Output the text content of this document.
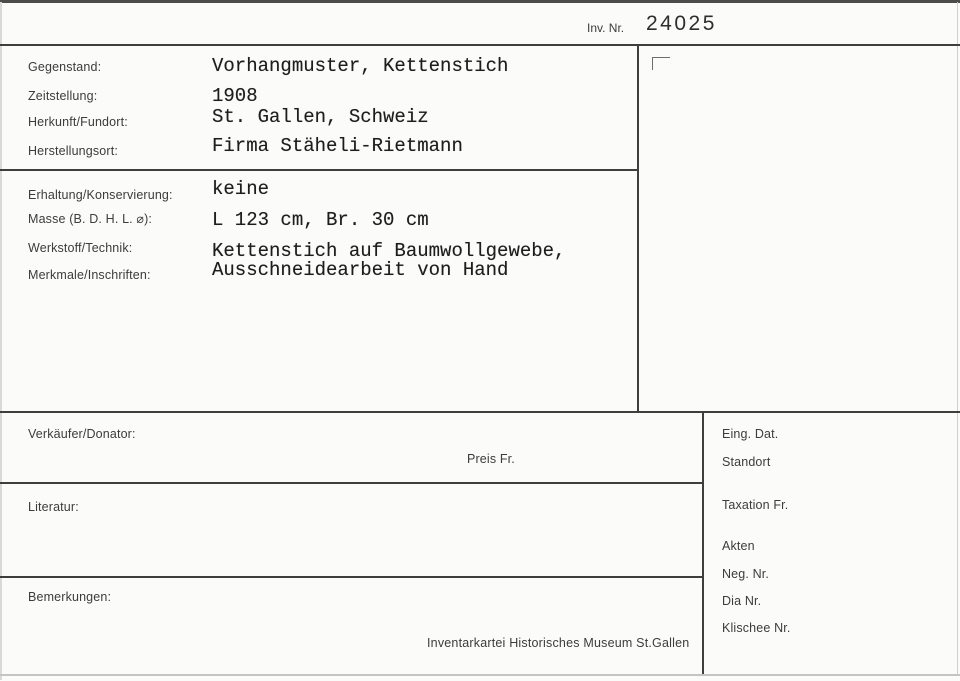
Inv. Nr. 24025
Gegenstand:
Zeitstellung:
Herkunft/Fundort:
Herstellungsort:
Vorhangmuster, Kettenstich
1908
St. Gallen, Schweiz
Firma Stäheli-Rietmann
Erhaltung/Konservierung:
Masse (B. D. H. L. ⌀):
Werkstoff/Technik:
Merkmale/Inschriften:
keine
L 123 cm, Br. 30 cm
Kettenstich auf Baumwollgewebe,
Ausschneidearbeit von Hand
Verkäufer/Donator:
Preis Fr.
Literatur:
Bemerkungen:
Inventarkartei Historisches Museum St.Gallen
Eing. Dat.
Standort
Taxation Fr.
Akten
Neg. Nr.
Dia Nr.
Klischee Nr.
